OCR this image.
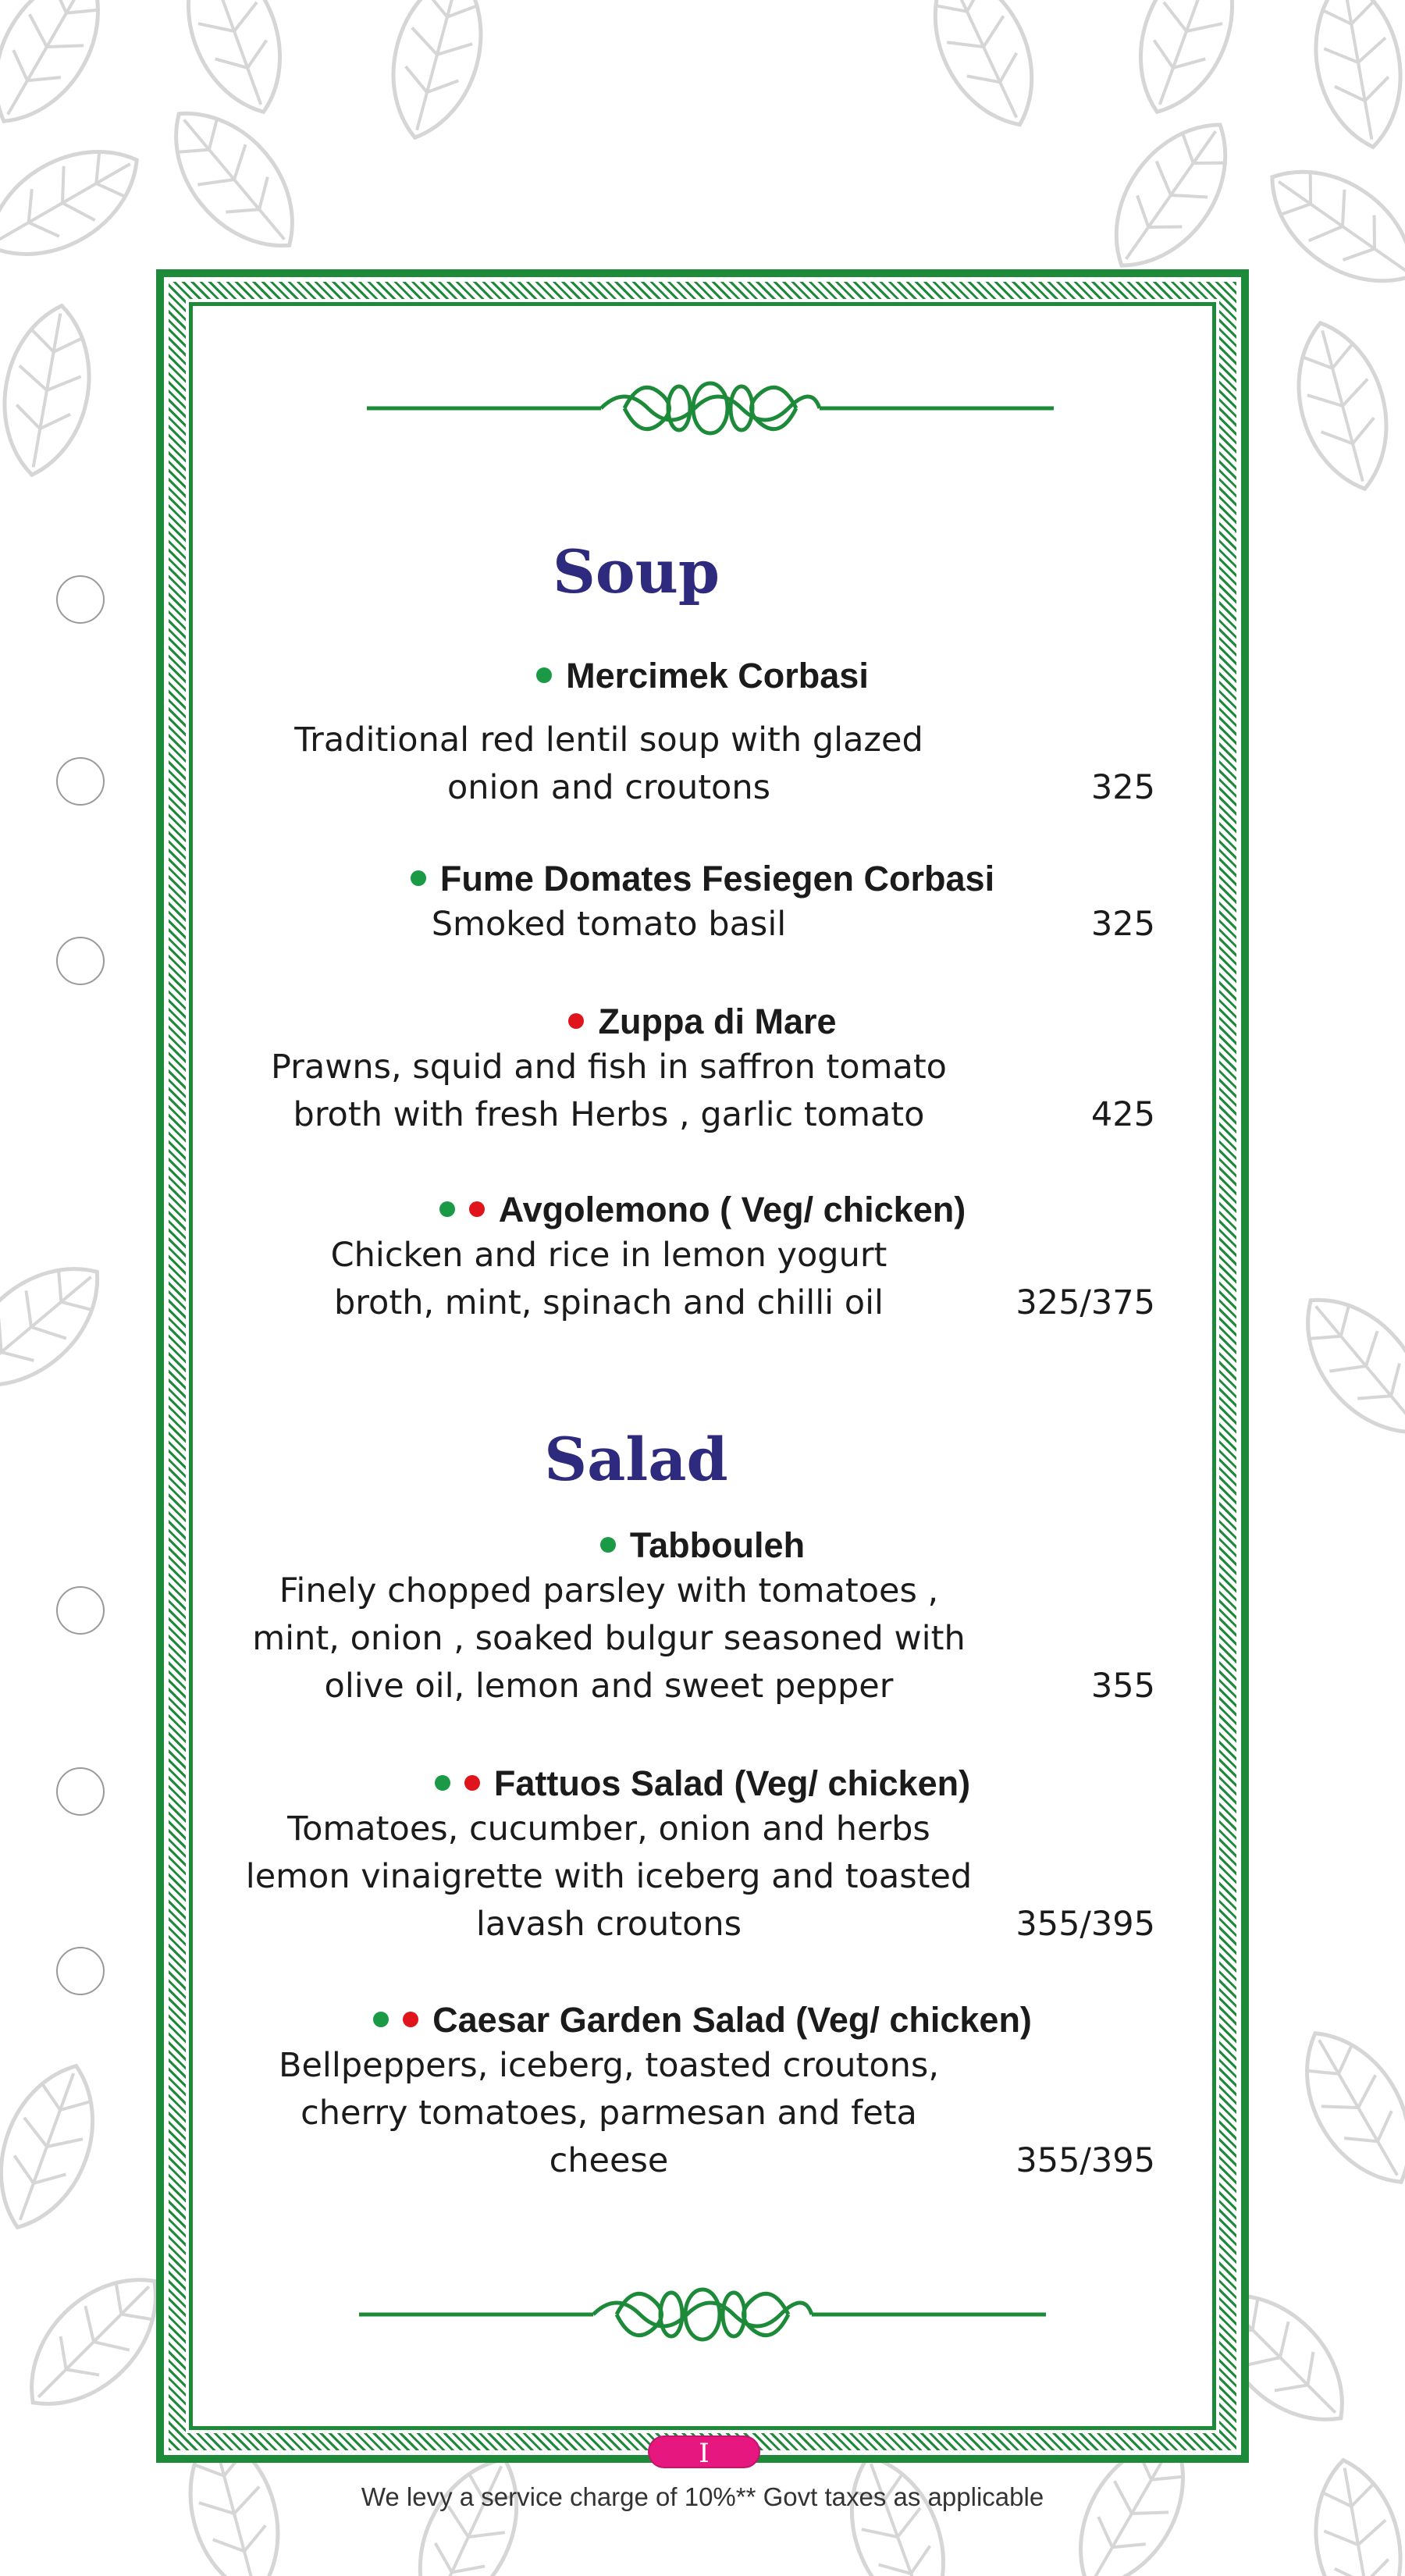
Soup
Salad
Mercimek Corbasi
Traditional red lentil soup with glazed
onion and croutons	325
Fume Domates Fesiegen Corbasi
Smoked tomato basil	325
Zuppa di Mare
Prawns, squid and fish in saffron tomato
broth with fresh Herbs , garlic tomato	425
Avgolemono ( Veg/ chicken)
Chicken and rice in lemon yogurt
broth, mint, spinach and chilli oil	325/375
Tabbouleh
Finely chopped parsley with tomatoes ,
mint, onion , soaked bulgur seasoned with
olive oil, lemon and sweet pepper	355
Fattuos Salad (Veg/ chicken)
Tomatoes, cucumber, onion and herbs
lemon vinaigrette with iceberg and toasted
lavash croutons	355/395
Caesar Garden Salad (Veg/ chicken)
Bellpeppers, iceberg, toasted croutons,
cherry tomatoes, parmesan and feta
cheese	355/395
I
We levy a service charge of 10%** Govt taxes as applicable
